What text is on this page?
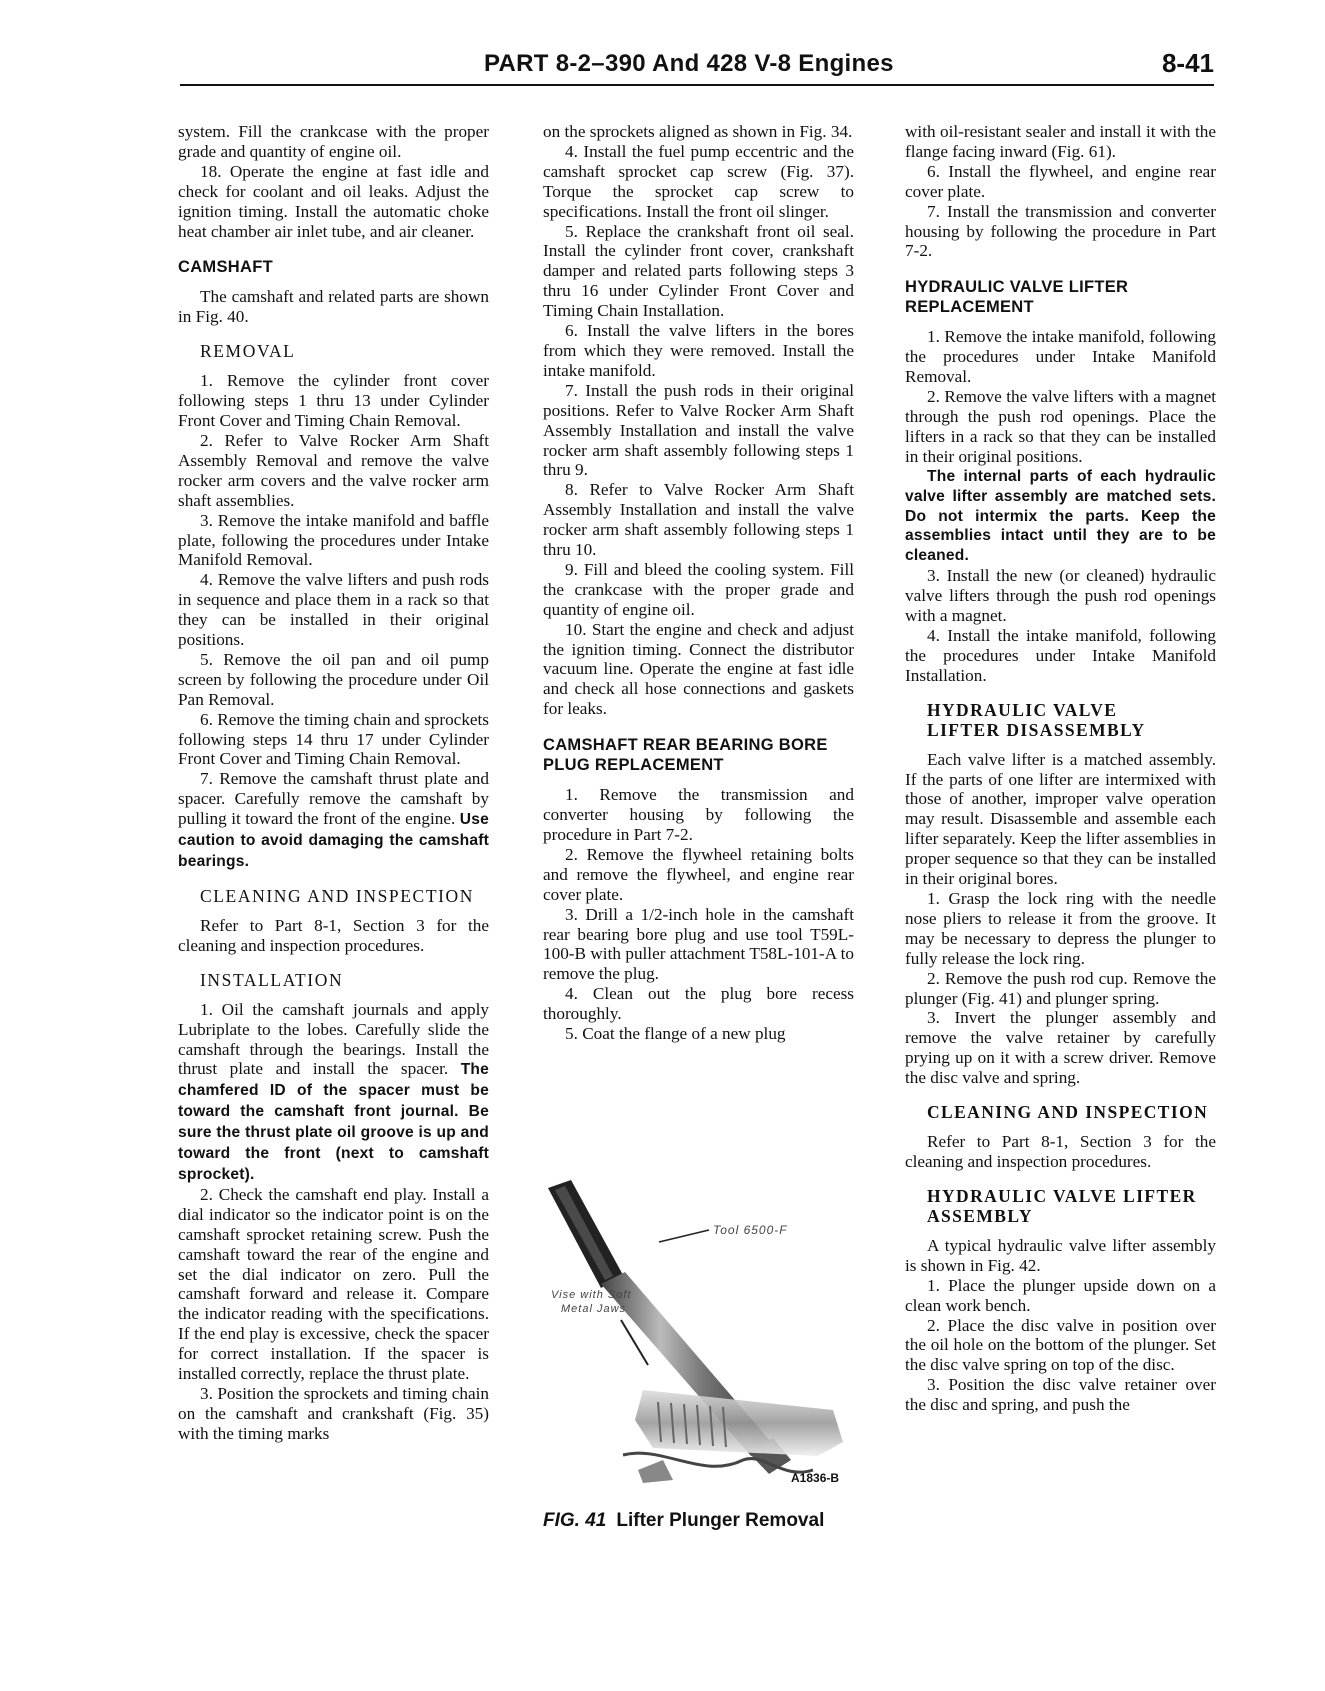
PART 8-2–390 And 428 V-8 Engines	8-41

system. Fill the crankcase with the proper grade and quantity of engine oil.

18. Operate the engine at fast idle and check for coolant and oil leaks. Adjust the ignition timing. Install the automatic choke heat chamber air inlet tube, and air cleaner.

CAMSHAFT

The camshaft and related parts are shown in Fig. 40.

REMOVAL

1. Remove the cylinder front cover following steps 1 thru 13 under Cylinder Front Cover and Timing Chain Removal.

2. Refer to Valve Rocker Arm Shaft Assembly Removal and remove the valve rocker arm covers and the valve rocker arm shaft assemblies.

3. Remove the intake manifold and baffle plate, following the procedures under Intake Manifold Removal.

4. Remove the valve lifters and push rods in sequence and place them in a rack so that they can be installed in their original positions.

5. Remove the oil pan and oil pump screen by following the procedure under Oil Pan Removal.

6. Remove the timing chain and sprockets following steps 14 thru 17 under Cylinder Front Cover and Timing Chain Removal.

7. Remove the camshaft thrust plate and spacer. Carefully remove the camshaft by pulling it toward the front of the engine. Use caution to avoid damaging the camshaft bearings.

CLEANING AND INSPECTION

Refer to Part 8-1, Section 3 for the cleaning and inspection procedures.

INSTALLATION

1. Oil the camshaft journals and apply Lubriplate to the lobes. Carefully slide the camshaft through the bearings. Install the thrust plate and install the spacer. The chamfered ID of the spacer must be toward the camshaft front journal. Be sure the thrust plate oil groove is up and toward the front (next to camshaft sprocket).

2. Check the camshaft end play. Install a dial indicator so the indicator point is on the camshaft sprocket retaining screw. Push the camshaft toward the rear of the engine and set the dial indicator on zero. Pull the camshaft forward and release it. Compare the indicator reading with the specifications. If the end play is excessive, check the spacer for correct installation. If the spacer is installed correctly, replace the thrust plate.

3. Position the sprockets and timing chain on the camshaft and crankshaft (Fig. 35) with the timing marks

on the sprockets aligned as shown in Fig. 34.

4. Install the fuel pump eccentric and the camshaft sprocket cap screw (Fig. 37). Torque the sprocket cap screw to specifications. Install the front oil slinger.

5. Replace the crankshaft front oil seal. Install the cylinder front cover, crankshaft damper and related parts following steps 3 thru 16 under Cylinder Front Cover and Timing Chain Installation.

6. Install the valve lifters in the bores from which they were removed. Install the intake manifold.

7. Install the push rods in their original positions. Refer to Valve Rocker Arm Shaft Assembly Installation and install the valve rocker arm shaft assembly following steps 1 thru 9.

8. Refer to Valve Rocker Arm Shaft Assembly Installation and install the valve rocker arm shaft assembly following steps 1 thru 10.

9. Fill and bleed the cooling system. Fill the crankcase with the proper grade and quantity of engine oil.

10. Start the engine and check and adjust the ignition timing. Connect the distributor vacuum line. Operate the engine at fast idle and check all hose connections and gaskets for leaks.

CAMSHAFT REAR BEARING BORE PLUG REPLACEMENT

1. Remove the transmission and converter housing by following the procedure in Part 7-2.

2. Remove the flywheel retaining bolts and remove the flywheel, and engine rear cover plate.

3. Drill a 1/2-inch hole in the camshaft rear bearing bore plug and use tool T59L-100-B with puller attachment T58L-101-A to remove the plug.

4. Clean out the plug bore recess thoroughly.

5. Coat the flange of a new plug

Tool 6500-F
Vise with Soft
Metal Jaws
A1836-B
FIG. 41 Lifter Plunger Removal

with oil-resistant sealer and install it with the flange facing inward (Fig. 61).

6. Install the flywheel, and engine rear cover plate.

7. Install the transmission and converter housing by following the procedure in Part 7-2.

HYDRAULIC VALVE LIFTER REPLACEMENT

1. Remove the intake manifold, following the procedures under Intake Manifold Removal.

2. Remove the valve lifters with a magnet through the push rod openings. Place the lifters in a rack so that they can be installed in their original positions.

The internal parts of each hydraulic valve lifter assembly are matched sets. Do not intermix the parts. Keep the assemblies intact until they are to be cleaned.

3. Install the new (or cleaned) hydraulic valve lifters through the push rod openings with a magnet.

4. Install the intake manifold, following the procedures under Intake Manifold Installation.

HYDRAULIC VALVE
LIFTER DISASSEMBLY

Each valve lifter is a matched assembly. If the parts of one lifter are intermixed with those of another, improper valve operation may result. Disassemble and assemble each lifter separately. Keep the lifter assemblies in proper sequence so that they can be installed in their original bores.

1. Grasp the lock ring with the needle nose pliers to release it from the groove. It may be necessary to depress the plunger to fully release the lock ring.

2. Remove the push rod cup. Remove the plunger (Fig. 41) and plunger spring.

3. Invert the plunger assembly and remove the valve retainer by carefully prying up on it with a screw driver. Remove the disc valve and spring.

CLEANING AND INSPECTION

Refer to Part 8-1, Section 3 for the cleaning and inspection procedures.

HYDRAULIC VALVE LIFTER
ASSEMBLY

A typical hydraulic valve lifter assembly is shown in Fig. 42.

1. Place the plunger upside down on a clean work bench.

2. Place the disc valve in position over the oil hole on the bottom of the plunger. Set the disc valve spring on top of the disc.

3. Position the disc valve retainer over the disc and spring, and push the
